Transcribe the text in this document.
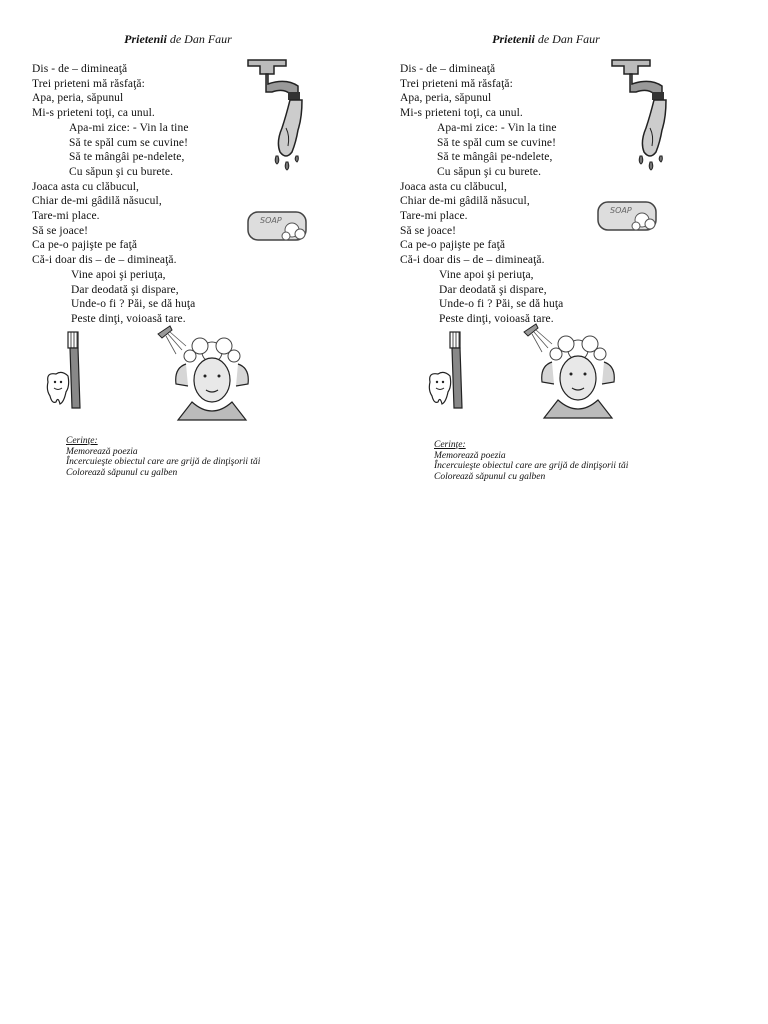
Prietenii de Dan Faur
Dis - de – dimineaţă
Trei prieteni mă răsfaţă:
Apa, peria, săpunul
Mi-s prieteni toţi, ca unul.
Apa-mi zice: - Vin la tine
Să te spăl cum se cuvine!
Să te mângâi pe-ndelete,
Cu săpun şi cu burete.
Joaca asta cu clăbucul,
Chiar de-mi gâdilă năsucul,
Tare-mi place.
Să se joace!
Ca pe-o pajişte pe faţă
Că-i doar dis – de – dimineaţă.
Vine apoi şi periuţa,
Dar deodată şi dispare,
Unde-o fi ? Păi, se dă huţa
Peste dinţi, voioasă tare.
SOAP
Cerinţe:
Memorează poezia
Încercuieşte obiectul care are grijă de dinţişorii tăi
Colorează săpunul cu galben
Prietenii de Dan Faur
Dis - de – dimineaţă
Trei prieteni mă răsfaţă:
Apa, peria, săpunul
Mi-s prieteni toţi, ca unul.
Apa-mi zice: - Vin la tine
Să te spăl cum se cuvine!
Să te mângâi pe-ndelete,
Cu săpun şi cu burete.
Joaca asta cu clăbucul,
Chiar de-mi gâdilă năsucul,
Tare-mi place.
Să se joace!
Ca pe-o pajişte pe faţă
Că-i doar dis – de – dimineaţă.
Vine apoi şi periuţa,
Dar deodată şi dispare,
Unde-o fi ? Păi, se dă huţa
Peste dinţi, voioasă tare.
SOAP
Cerinţe:
Memorează poezia
Încercuieşte obiectul care are grijă de dinţişorii tăi
Colorează săpunul cu galben
